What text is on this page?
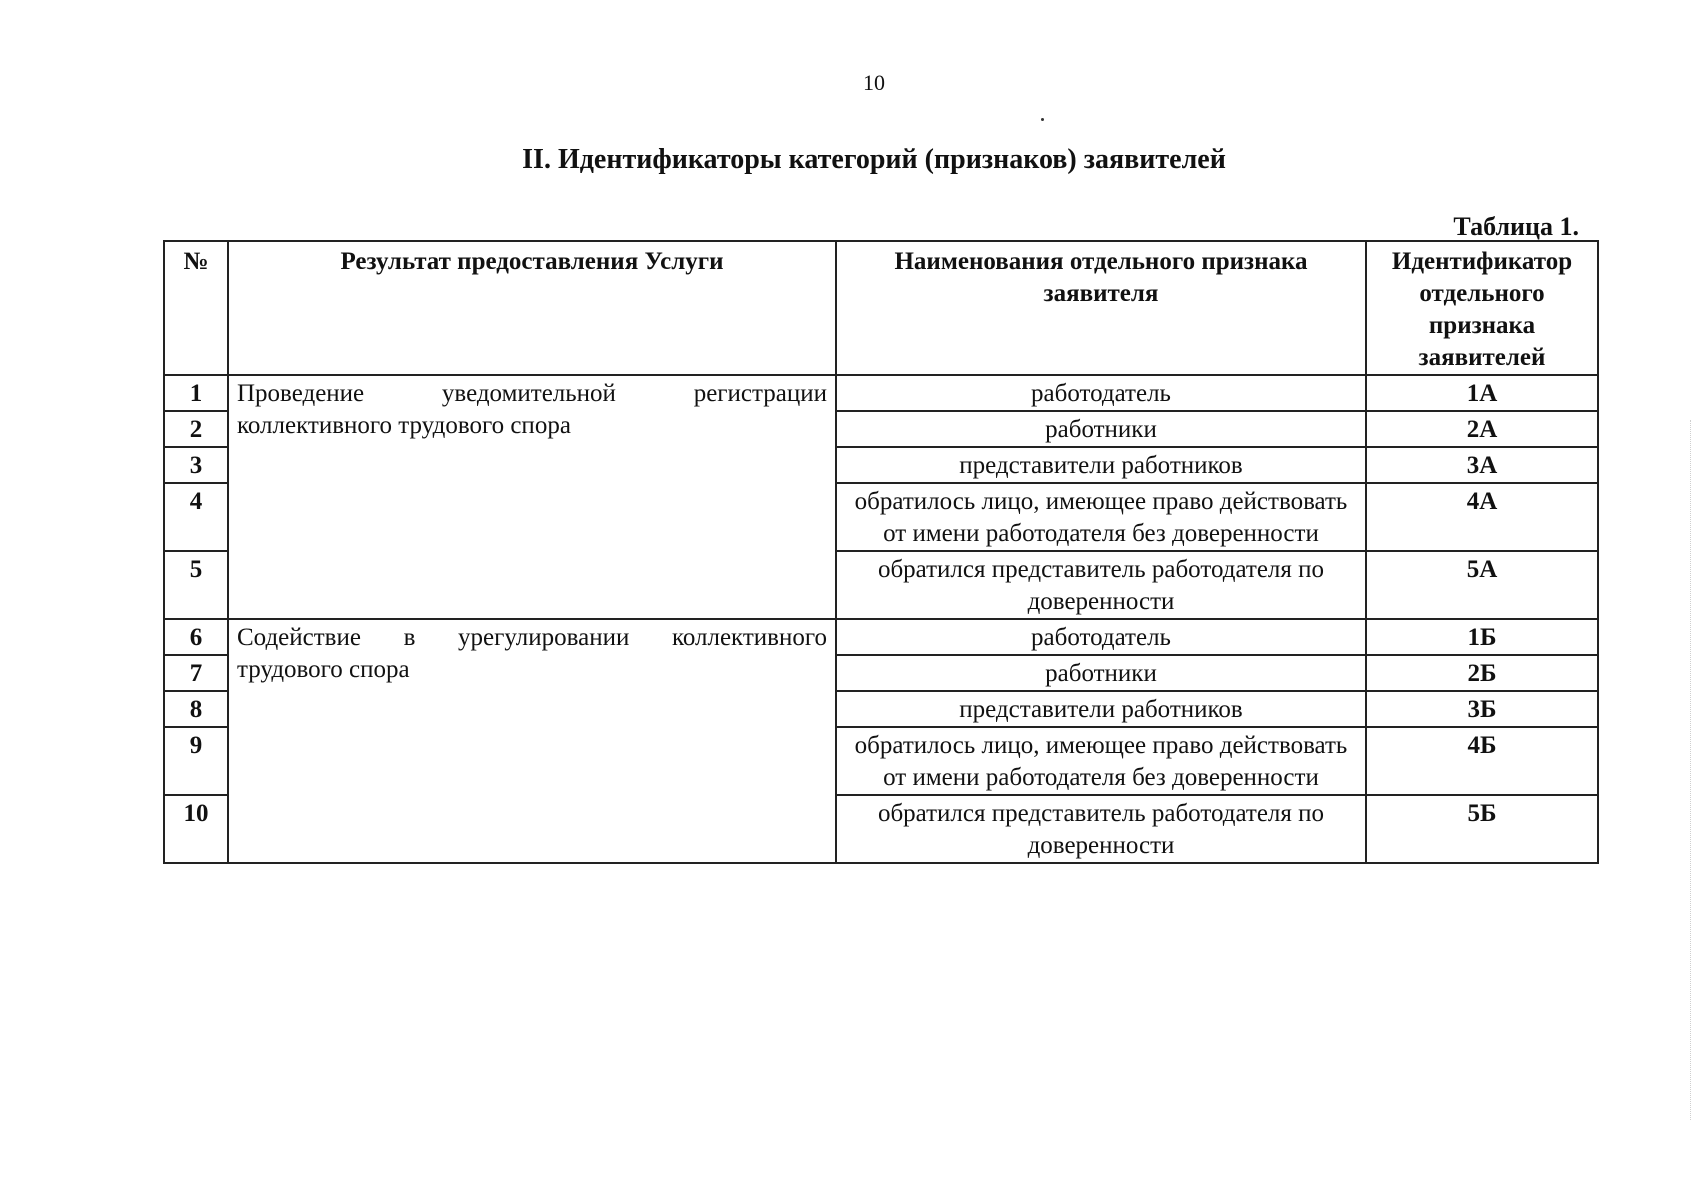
10
II. Идентификаторы категорий (признаков) заявителей
Таблица 1.
№	Результат предоставления Услуги	Наименования отдельного признака заявителя	Идентификатор отдельного признака заявителей
1	Проведение уведомительной регистрации коллективного трудового спора	работодатель	1А
2		работники	2А
3		представители работников	3А
4		обратилось лицо, имеющее право действовать от имени работодателя без доверенности	4А
5		обратился представитель работодателя по доверенности	5А
6	Содействие в урегулировании коллективного трудового спора	работодатель	1Б
7		работники	2Б
8		представители работников	3Б
9		обратилось лицо, имеющее право действовать от имени работодателя без доверенности	4Б
10		обратился представитель работодателя по доверенности	5Б
